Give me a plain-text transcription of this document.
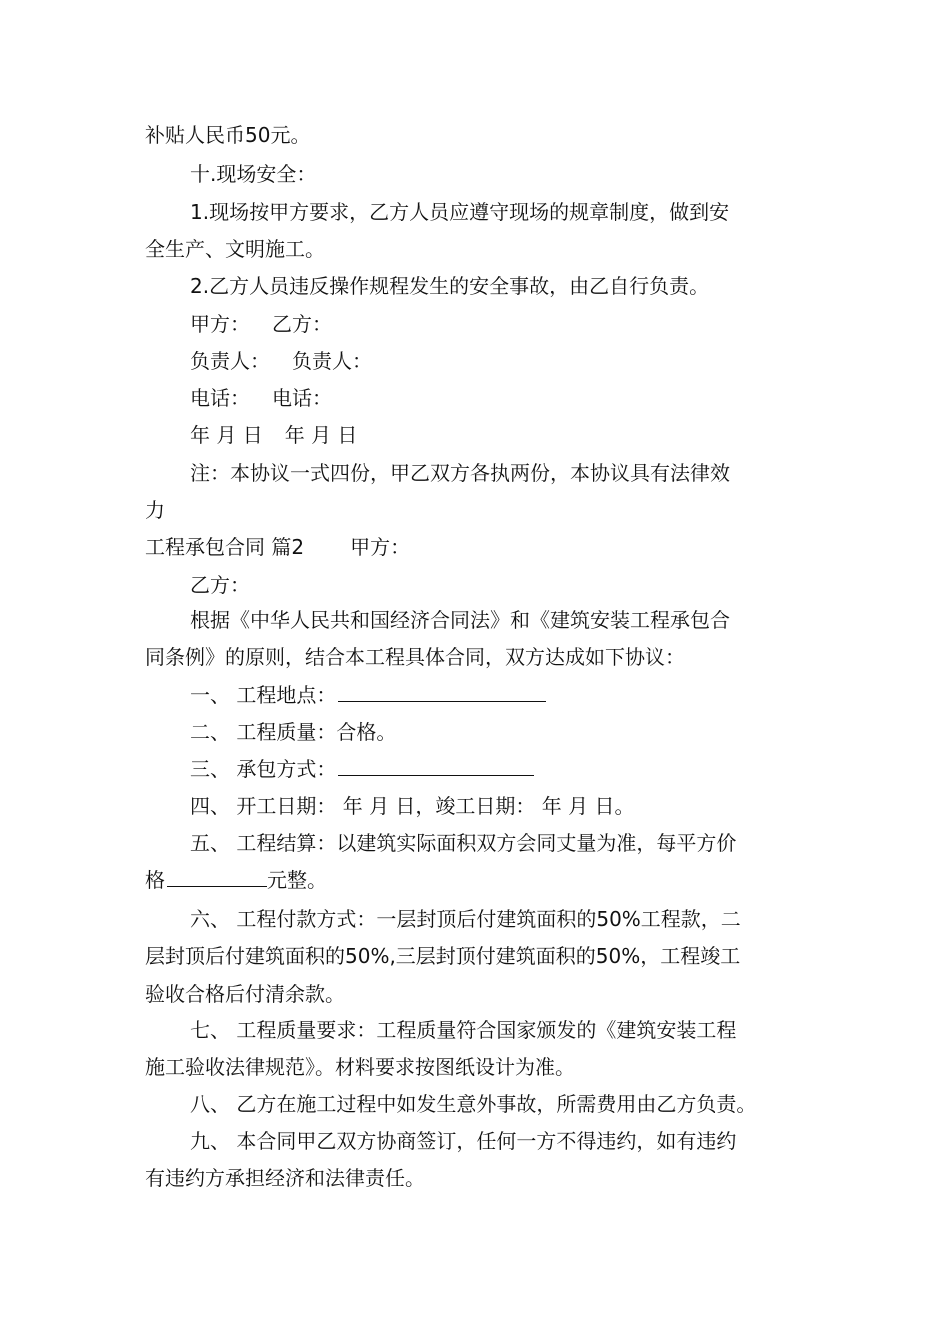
补贴人民币50元。
十.现场安全：
1.现场按甲方要求，乙方人员应遵守现场的规章制度，做到安
全生产、文明施工。
2.乙方人员违反操作规程发生的安全事故，由乙自行负责。
甲方： 乙方：
负责人： 负责人：
电话： 电话：
年 月 日 年 月 日
注：本协议一式四份，甲乙双方各执两份，本协议具有法律效
力
工程承包合同 篇2 甲方：
乙方：
根据《中华人民共和国经济合同法》和《建筑安装工程承包合
同条例》的原则，结合本工程具体合同，双方达成如下协议：
一、 工程地点：
二、 工程质量：合格。
三、 承包方式：
四、 开工日期： 年 月 日，竣工日期： 年 月 日。
五、 工程结算：以建筑实际面积双方会同丈量为准，每平方价
格	元整。
六、 工程付款方式：一层封顶后付建筑面积的50%工程款，二
层封顶后付建筑面积的50%,三层封顶付建筑面积的50%，工程竣工
验收合格后付清余款。
七、 工程质量要求：工程质量符合国家颁发的《建筑安装工程
施工验收法律规范》。材料要求按图纸设计为准。
八、 乙方在施工过程中如发生意外事故，所需费用由乙方负责。
九、 本合同甲乙双方协商签订，任何一方不得违约，如有违约
有违约方承担经济和法律责任。
